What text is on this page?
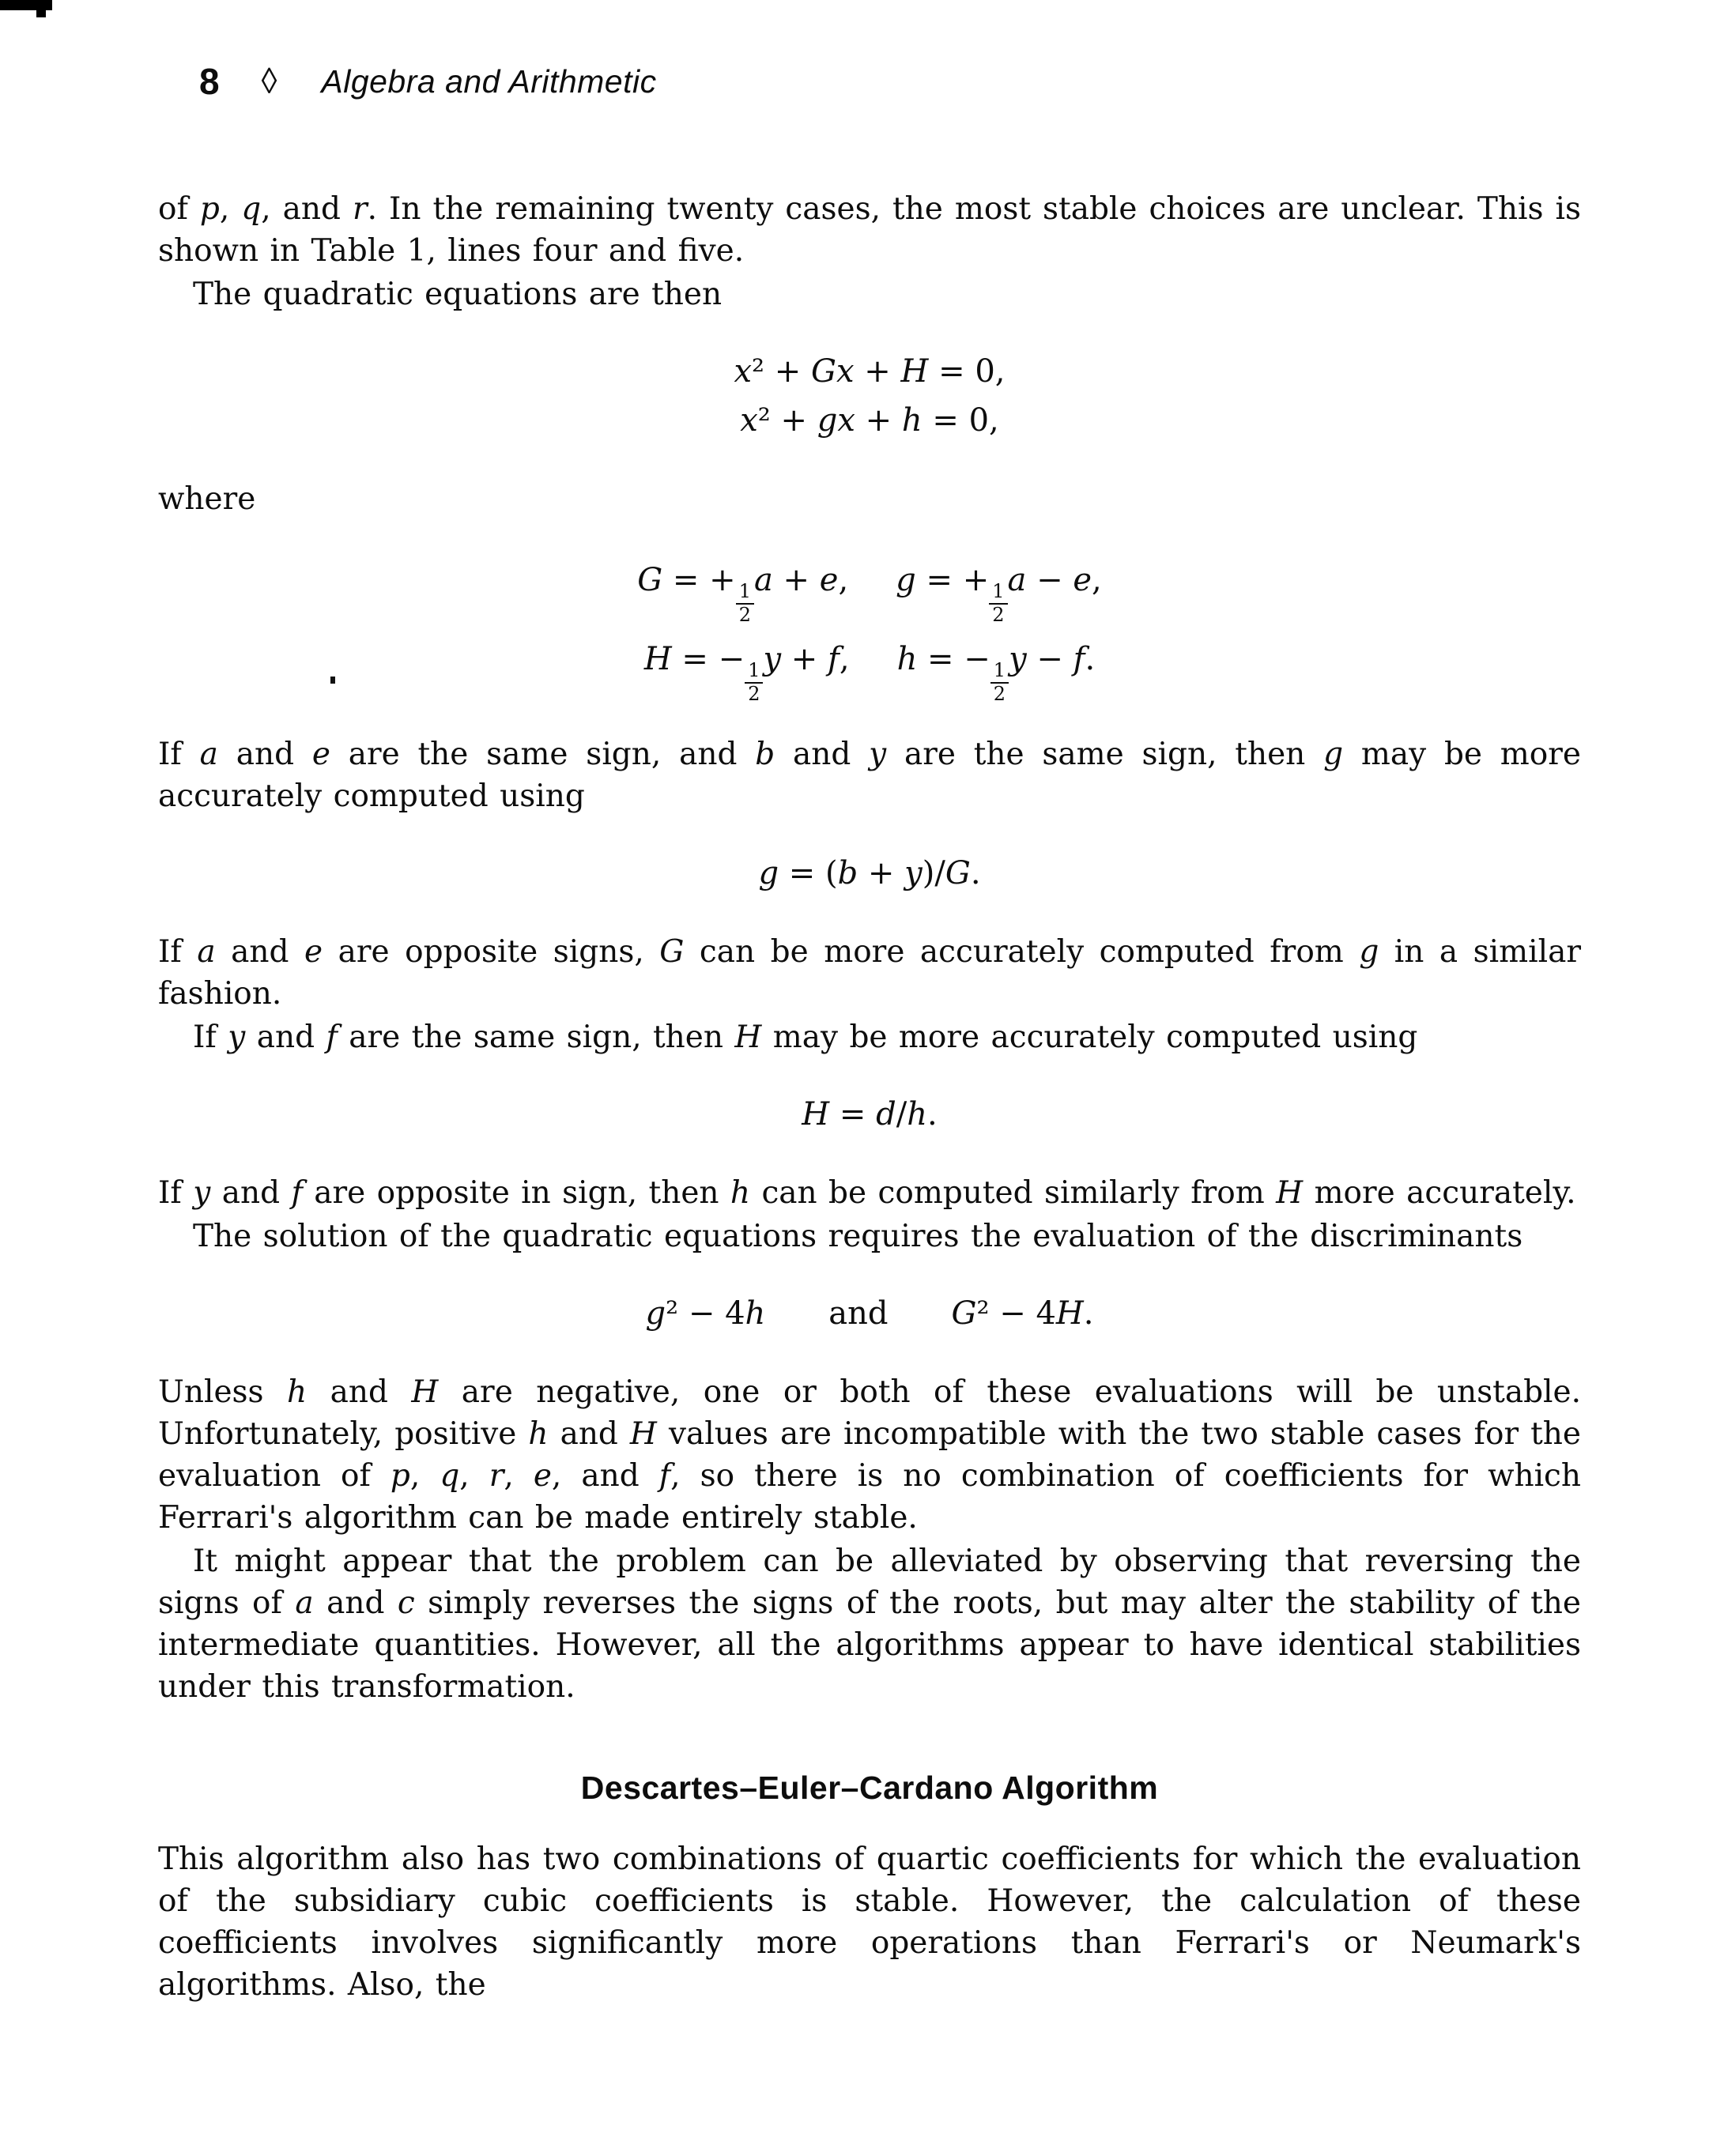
8 ◊ Algebra and Arithmetic

of p, q, and r. In the remaining twenty cases, the most stable choices are unclear. This is shown in Table 1, lines four and five.

The quadratic equations are then

x² + Gx + H = 0,
x² + gx + h = 0,

where

G = +
$\frac{1}{2}$
a + e,  g = +
$\frac{1}{2}$
a − e,
H = −
$\frac{1}{2}$
y + f,  h = −
$\frac{1}{2}$
y − f.

If a and e are the same sign, and b and y are the same sign, then g may be more accurately computed using

g = (b + y)/G.

If a and e are opposite signs, G can be more accurately computed from g in a similar fashion.

If y and f are the same sign, then H may be more accurately computed using

H = d/h.

If y and f are opposite in sign, then h can be computed similarly from H more accurately.

The solution of the quadratic equations requires the evaluation of the discriminants

g² − 4h  and  G² − 4H.

Unless h and H are negative, one or both of these evaluations will be unstable. Unfortunately, positive h and H values are incompatible with the two stable cases for the evaluation of p, q, r, e, and f, so there is no combination of coefficients for which Ferrari's algorithm can be made entirely stable.

It might appear that the problem can be alleviated by observing that reversing the signs of a and c simply reverses the signs of the roots, but may alter the stability of the intermediate quantities. However, all the algorithms appear to have identical stabilities under this transformation.

Descartes–Euler–Cardano Algorithm

This algorithm also has two combinations of quartic coefficients for which the evaluation of the subsidiary cubic coefficients is stable. However, the calculation of these coefficients involves significantly more operations than Ferrari's or Neumark's algorithms. Also, the
